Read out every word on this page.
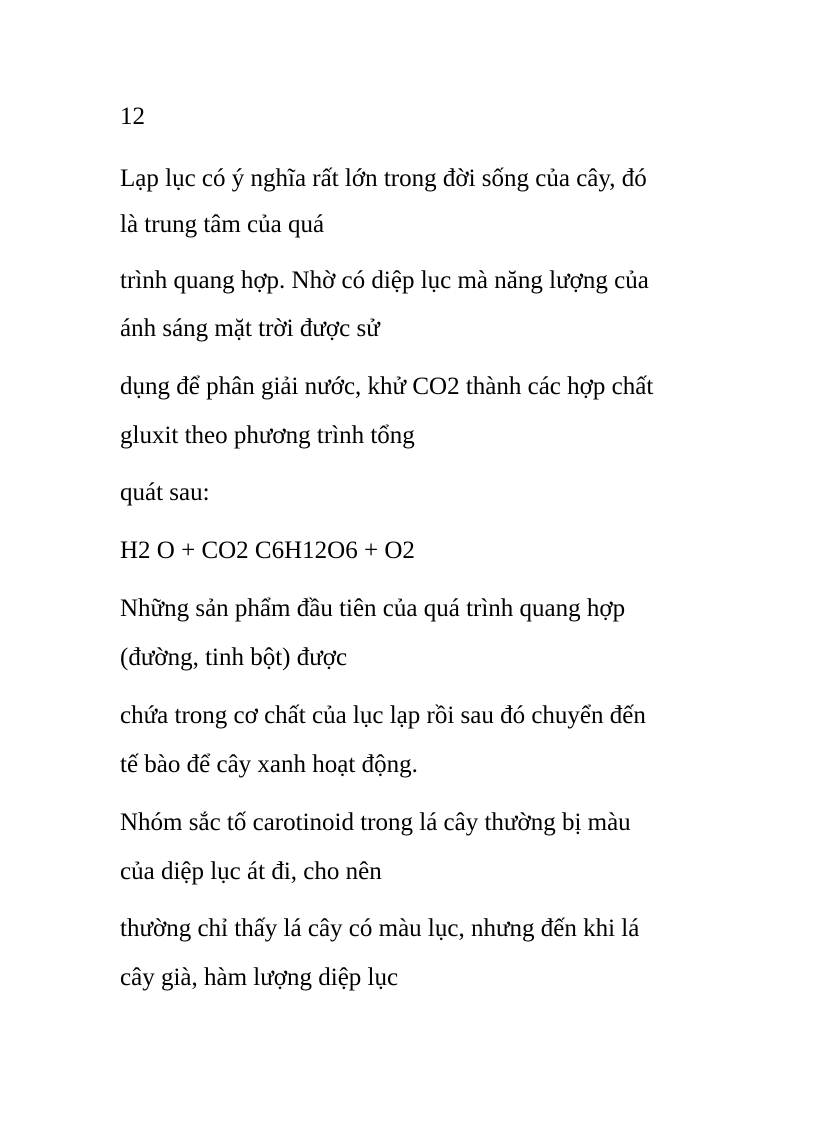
12
Lạp lục có ý nghĩa rất lớn trong đời sống của cây, đó
là trung tâm của quá
trình quang hợp. Nhờ có diệp lục mà năng lượng của
ánh sáng mặt trời được sử
dụng để phân giải nước, khử CO2 thành các hợp chất
gluxit theo phương trình tổng
quát sau:
H2 O + CO2 C6H12O6 + O2
Những sản phẩm đầu tiên của quá trình quang hợp
(đường, tinh bột) được
chứa trong cơ chất của lục lạp rồi sau đó chuyển đến
tế bào để cây xanh hoạt động.
Nhóm sắc tố carotinoid trong lá cây thường bị màu
của diệp lục át đi, cho nên
thường chỉ thấy lá cây có màu lục, nhưng đến khi lá
cây già, hàm lượng diệp lục
